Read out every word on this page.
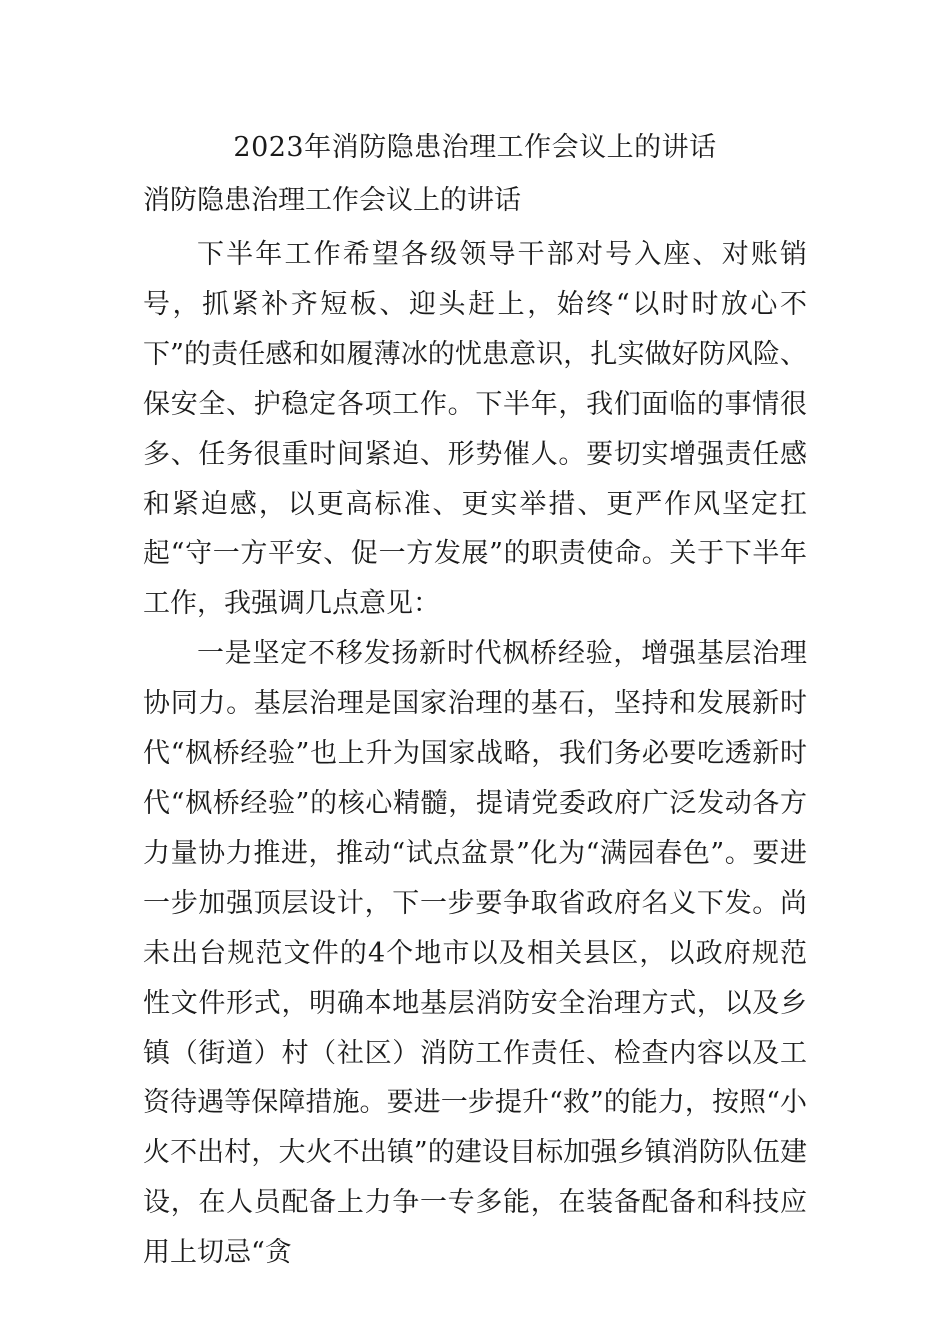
2023年消防隐患治理工作会议上的讲话
消防隐患治理工作会议上的讲话

下半年工作希望各级领导干部对号入座、对账销号，抓紧补齐短板、迎头赶上，始终“以时时放心不下”的责任感和如履薄冰的忧患意识，扎实做好防风险、保安全、护稳定各项工作。下半年，我们面临的事情很多、任务很重时间紧迫、形势催人。要切实增强责任感和紧迫感，以更高标准、更实举措、更严作风坚定扛起“守一方平安、促一方发展”的职责使命。关于下半年工作，我强调几点意见：

一是坚定不移发扬新时代枫桥经验，增强基层治理协同力。基层治理是国家治理的基石，坚持和发展新时代“枫桥经验”也上升为国家战略，我们务必要吃透新时代“枫桥经验”的核心精髓，提请党委政府广泛发动各方力量协力推进，推动“试点盆景”化为“满园春色”。要进一步加强顶层设计，下一步要争取省政府名义下发。尚未出台规范文件的4个地市以及相关县区，以政府规范性文件形式，明确本地基层消防安全治理方式，以及乡镇（街道）村（社区）消防工作责任、检查内容以及工资待遇等保障措施。要进一步提升“救”的能力，按照“小火不出村，大火不出镇”的建设目标加强乡镇消防队伍建设，在人员配备上力争一专多能，在装备配备和科技应用上切忌“贪
